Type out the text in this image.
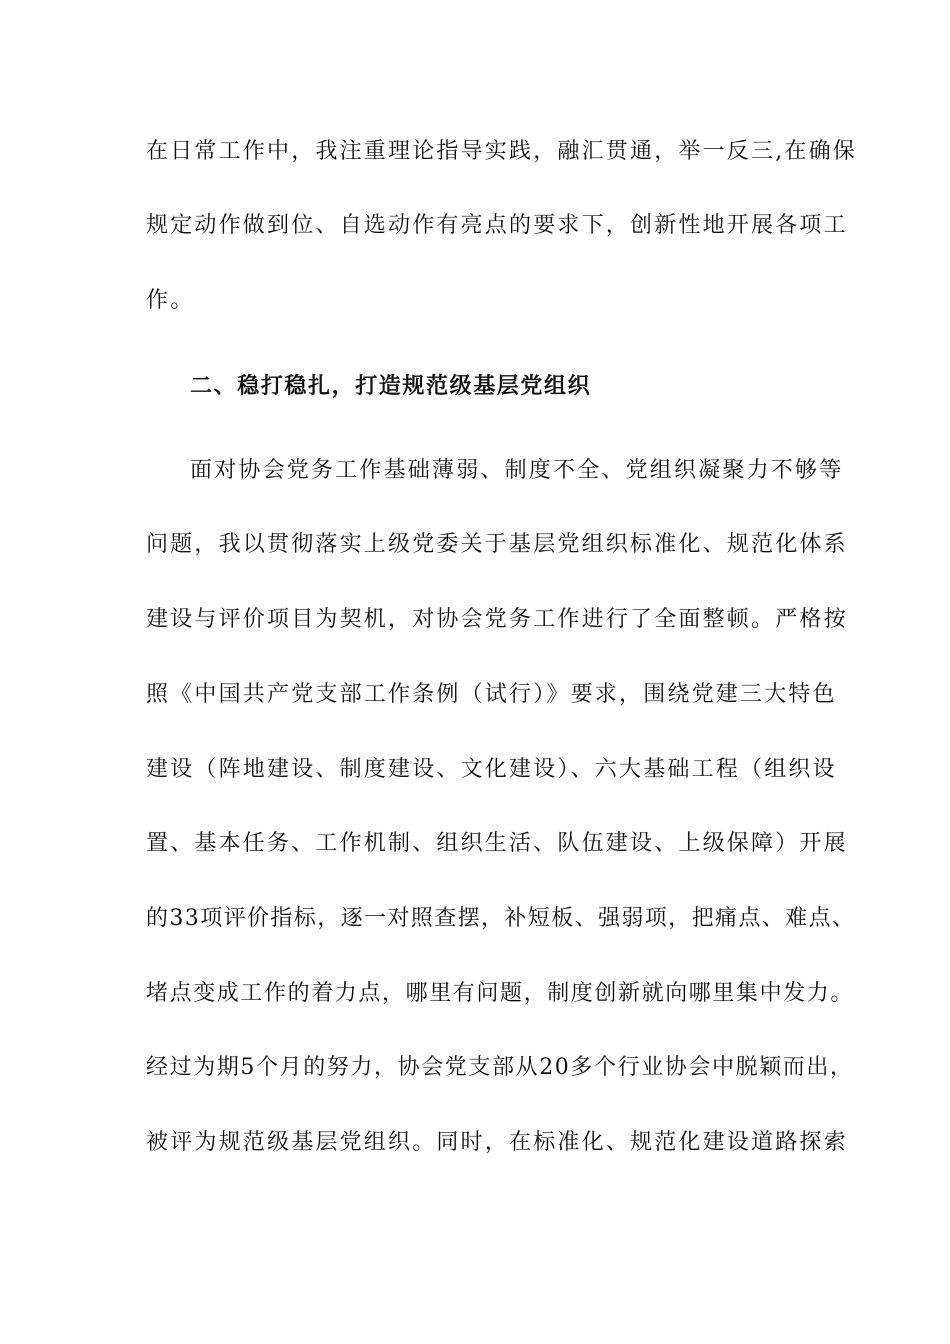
在日常工作中，我注重理论指导实践，融汇贯通，举一反三,在确保
规定动作做到位、自选动作有亮点的要求下，创新性地开展各项工
作。
二、稳打稳扎，打造规范级基层党组织
面对协会党务工作基础薄弱、制度不全、党组织凝聚力不够等
问题，我以贯彻落实上级党委关于基层党组织标准化、规范化体系
建设与评价项目为契机，对协会党务工作进行了全面整顿。严格按
照《中国共产党支部工作条例（试行）》要求，围绕党建三大特色
建设（阵地建设、制度建设、文化建设）、六大基础工程（组织设
置、基本任务、工作机制、组织生活、队伍建设、上级保障）开展
的33项评价指标，逐一对照查摆，补短板、强弱项，把痛点、难点、
堵点变成工作的着力点，哪里有问题，制度创新就向哪里集中发力。
经过为期5个月的努力，协会党支部从20多个行业协会中脱颖而出，
被评为规范级基层党组织。同时，在标准化、规范化建设道路探索
